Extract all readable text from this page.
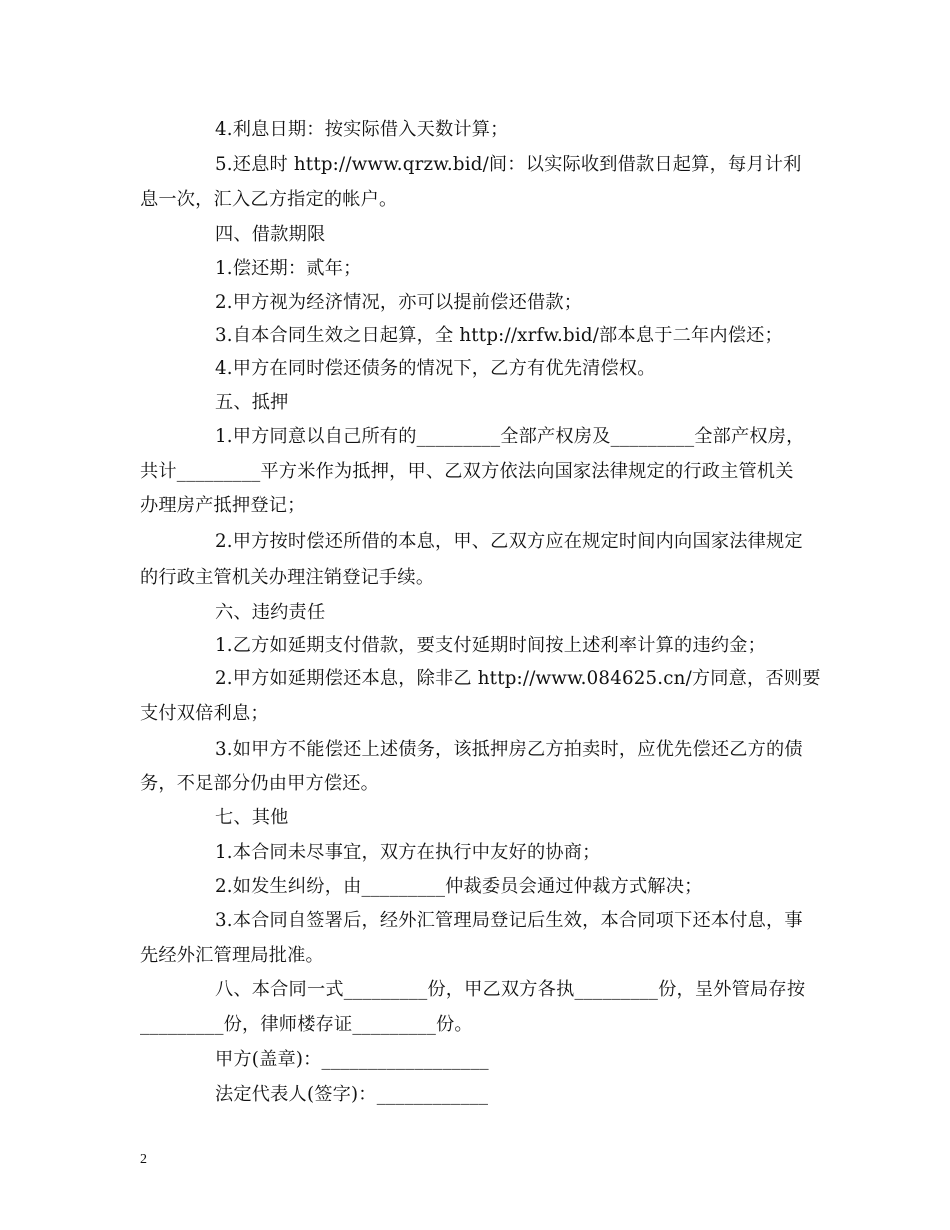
4.利息日期：按实际借入天数计算；
5.还息时 http://www.qrzw.bid/间：以实际收到借款日起算，每月计利
息一次，汇入乙方指定的帐户。
四、借款期限
1.偿还期：贰年；
2.甲方视为经济情况，亦可以提前偿还借款；
3.自本合同生效之日起算，全 http://xrfw.bid/部本息于二年内偿还；
4.甲方在同时偿还债务的情况下，乙方有优先清偿权。
五、抵押
1.甲方同意以自己所有的_________全部产权房及_________全部产权房，
共计_________平方米作为抵押，甲、乙双方依法向国家法律规定的行政主管机关
办理房产抵押登记；
2.甲方按时偿还所借的本息，甲、乙双方应在规定时间内向国家法律规定
的行政主管机关办理注销登记手续。
六、违约责任
1.乙方如延期支付借款，要支付延期时间按上述利率计算的违约金；
2.甲方如延期偿还本息，除非乙 http://www.084625.cn/方同意，否则要
支付双倍利息；
3.如甲方不能偿还上述债务，该抵押房乙方拍卖时，应优先偿还乙方的债
务，不足部分仍由甲方偿还。
七、其他
1.本合同未尽事宜，双方在执行中友好的协商；
2.如发生纠纷，由_________仲裁委员会通过仲裁方式解决；
3.本合同自签署后，经外汇管理局登记后生效，本合同项下还本付息，事
先经外汇管理局批准。
八、本合同一式_________份，甲乙双方各执_________份，呈外管局存按
_________份，律师楼存证_________份。
甲方(盖章)：__________________
法定代表人(签字)：____________
2
